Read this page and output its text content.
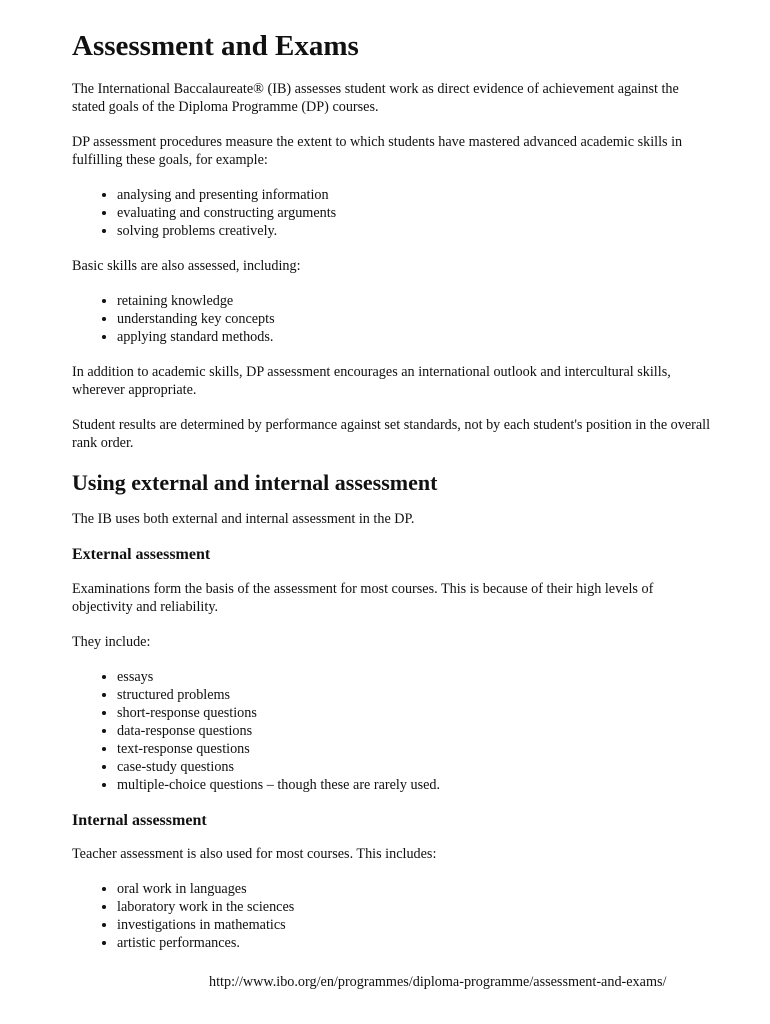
Assessment and Exams

The International Baccalaureate® (IB) assesses student work as direct evidence of achievement against the stated goals of the Diploma Programme (DP) courses.

DP assessment procedures measure the extent to which students have mastered advanced academic skills in fulfilling these goals, for example:

• analysing and presenting information
• evaluating and constructing arguments
• solving problems creatively.

Basic skills are also assessed, including:

• retaining knowledge
• understanding key concepts
• applying standard methods.

In addition to academic skills, DP assessment encourages an international outlook and intercultural skills, wherever appropriate.

Student results are determined by performance against set standards, not by each student's position in the overall rank order.

Using external and internal assessment

The IB uses both external and internal assessment in the DP.

External assessment

Examinations form the basis of the assessment for most courses. This is because of their high levels of objectivity and reliability.

They include:

• essays
• structured problems
• short-response questions
• data-response questions
• text-response questions
• case-study questions
• multiple-choice questions – though these are rarely used.
Internal assessment

Teacher assessment is also used for most courses. This includes:

• oral work in languages
• laboratory work in the sciences
• investigations in mathematics
• artistic performances.
http://www.ibo.org/en/programmes/diploma-programme/assessment-and-exams/
